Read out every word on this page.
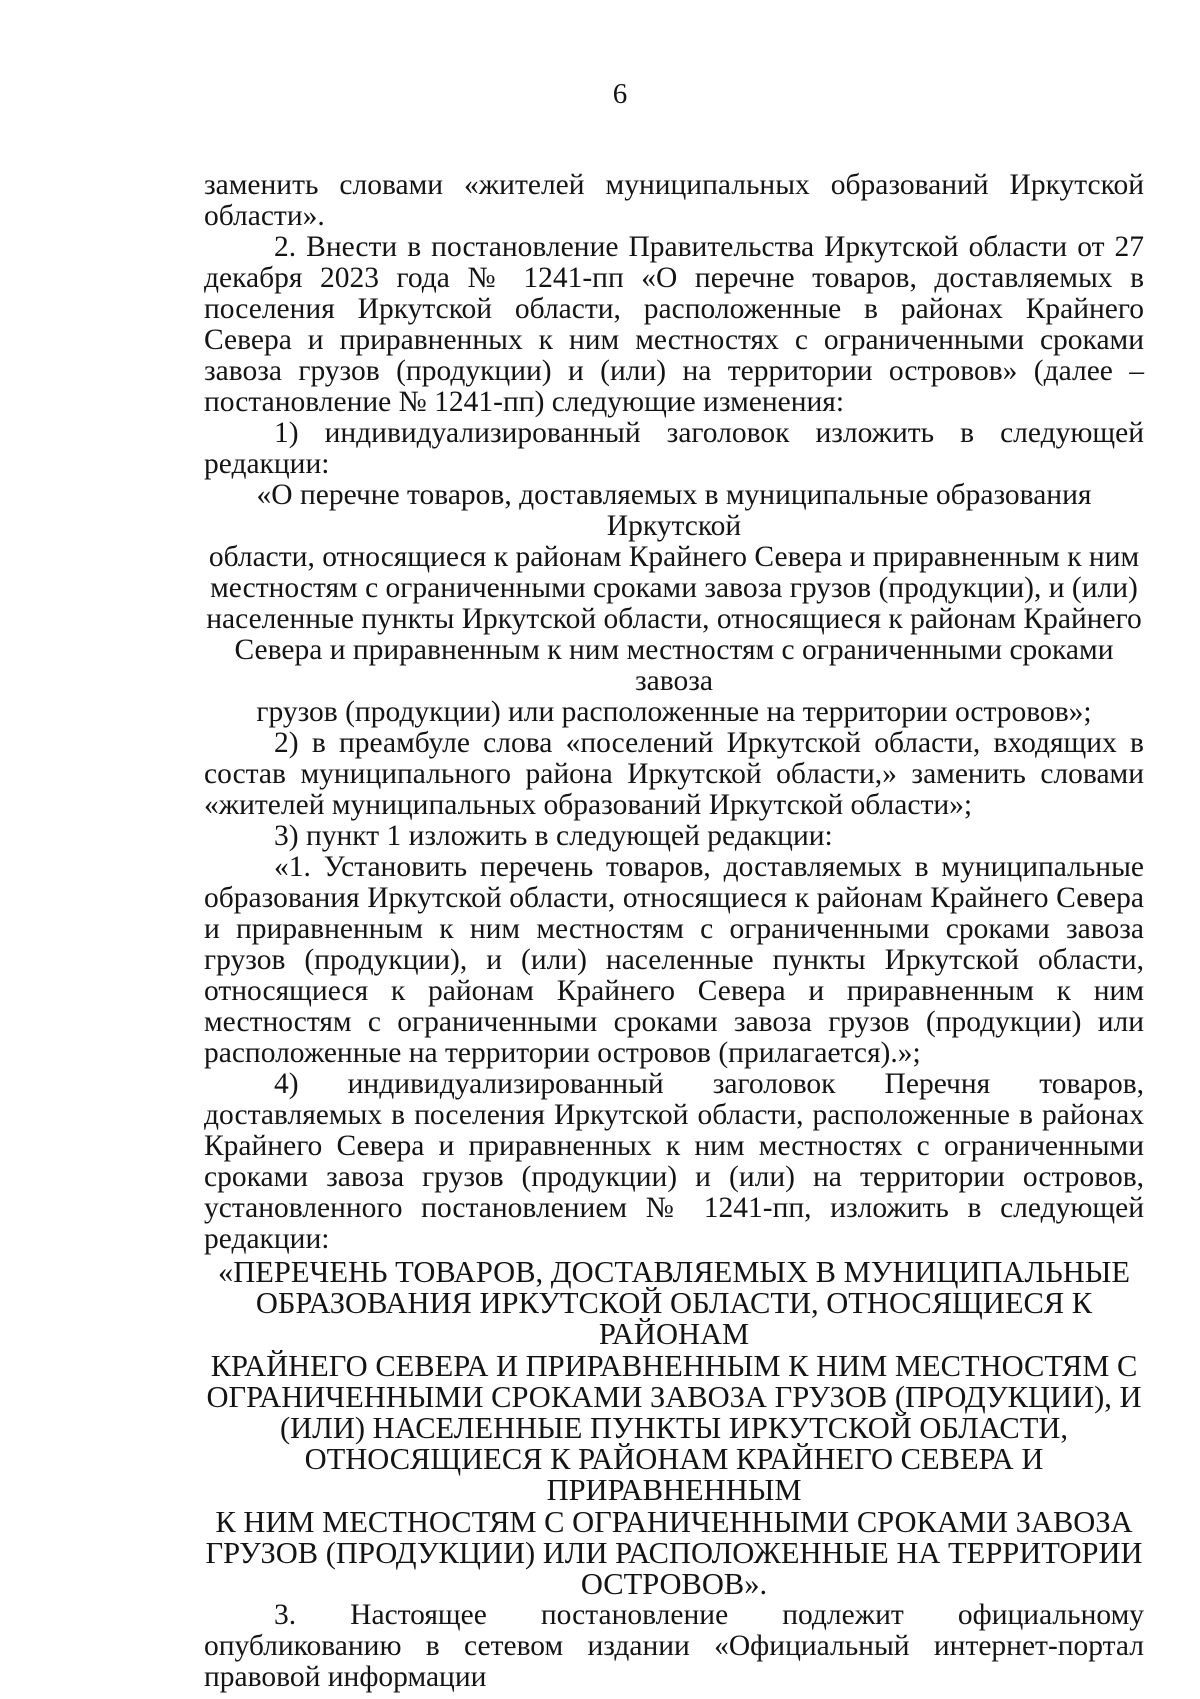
6

заменить словами «жителей муниципальных образований Иркутской области».

2. Внести в постановление Правительства Иркутской области от 27 декабря 2023 года № 1241-пп «О перечне товаров, доставляемых в поселения Иркутской области, расположенные в районах Крайнего Севера и приравненных к ним местностях с ограниченными сроками завоза грузов (продукции) и (или) на территории островов» (далее – постановление № 1241-пп) следующие изменения:

1) индивидуализированный заголовок изложить в следующей редакции:

«О перечне товаров, доставляемых в муниципальные образования Иркутской
области, относящиеся к районам Крайнего Севера и приравненным к ним
местностям с ограниченными сроками завоза грузов (продукции), и (или)
населенные пункты Иркутской области, относящиеся к районам Крайнего
Севера и приравненным к ним местностям с ограниченными сроками завоза
грузов (продукции) или расположенные на территории островов»;

2) в преамбуле слова «поселений Иркутской области, входящих в состав муниципального района Иркутской области,» заменить словами «жителей муниципальных образований Иркутской области»;

3) пункт 1 изложить в следующей редакции:

«1. Установить перечень товаров, доставляемых в муниципальные образования Иркутской области, относящиеся к районам Крайнего Севера и приравненным к ним местностям с ограниченными сроками завоза грузов (продукции), и (или) населенные пункты Иркутской области, относящиеся к районам Крайнего Севера и приравненным к ним местностям с ограниченными сроками завоза грузов (продукции) или расположенные на территории островов (прилагается).»;

4) индивидуализированный заголовок Перечня товаров, доставляемых в поселения Иркутской области, расположенные в районах Крайнего Севера и приравненных к ним местностях с ограниченными сроками завоза грузов (продукции) и (или) на территории островов, установленного постановлением № 1241-пп, изложить в следующей редакции:

«ПЕРЕЧЕНЬ ТОВАРОВ, ДОСТАВЛЯЕМЫХ В МУНИЦИПАЛЬНЫЕ
ОБРАЗОВАНИЯ ИРКУТСКОЙ ОБЛАСТИ, ОТНОСЯЩИЕСЯ К РАЙОНАМ
КРАЙНЕГО СЕВЕРА И ПРИРАВНЕННЫМ К НИМ МЕСТНОСТЯМ С
ОГРАНИЧЕННЫМИ СРОКАМИ ЗАВОЗА ГРУЗОВ (ПРОДУКЦИИ), И
(ИЛИ) НАСЕЛЕННЫЕ ПУНКТЫ ИРКУТСКОЙ ОБЛАСТИ,
ОТНОСЯЩИЕСЯ К РАЙОНАМ КРАЙНЕГО СЕВЕРА И ПРИРАВНЕННЫМ
К НИМ МЕСТНОСТЯМ С ОГРАНИЧЕННЫМИ СРОКАМИ ЗАВОЗА
ГРУЗОВ (ПРОДУКЦИИ) ИЛИ РАСПОЛОЖЕННЫЕ НА ТЕРРИТОРИИ
ОСТРОВОВ».

3. Настоящее постановление подлежит официальному опубликованию в сетевом издании «Официальный интернет-портал правовой информации
